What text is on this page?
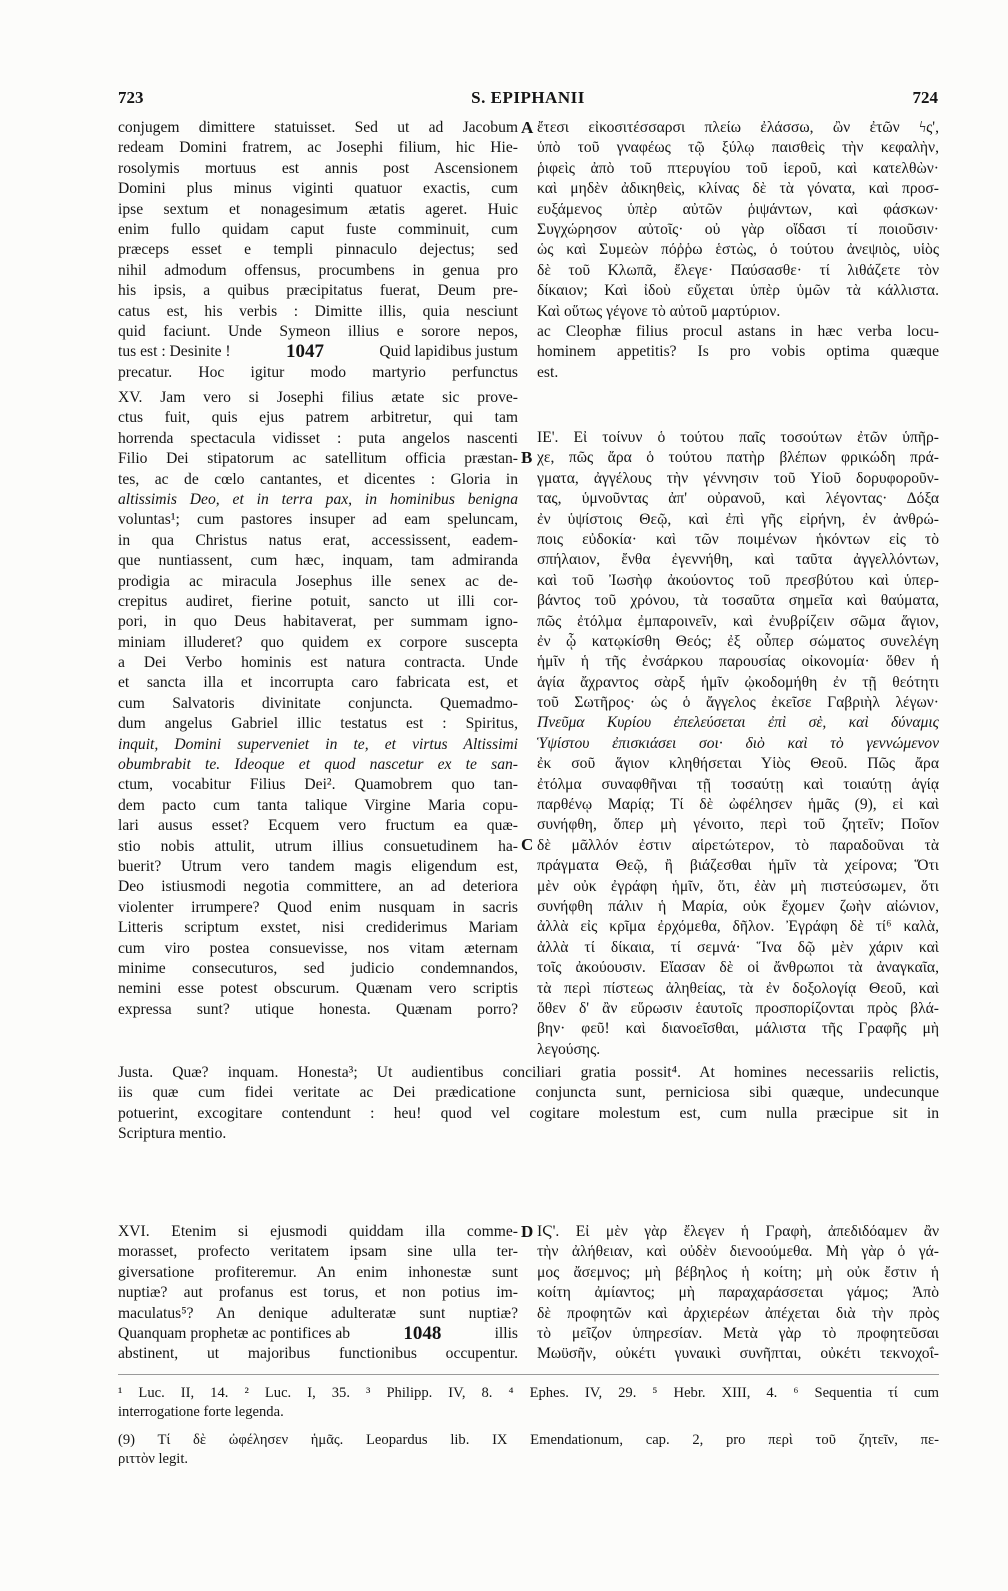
723	S. EPIPHANII	724
A
B
C
D
conjugem dimittere statuisset. Sed ut ad Jacobum
redeam Domini fratrem, ac Josephi filium, hic Hie-
rosolymis mortuus est annis post Ascensionem
Domini plus minus viginti quatuor exactis, cum
ipse sextum et nonagesimum ætatis ageret. Huic
enim fullo quidam caput fuste comminuit, cum
præceps esset e templi pinnaculo dejectus; sed
nihil admodum offensus, procumbens in genua pro
his ipsis, a quibus præcipitatus fuerat, Deum pre-
catus est, his verbis : Dimitte illis, quia nesciunt
ἔτεσι εἰκοσιτέσσαρσι πλείω ἐλάσσω, ὢν ἐτῶν ϟς',
ὑπὸ τοῦ γναφέως τῷ ξύλῳ παισθεὶς τὴν κεφαλὴν,
ῥιφεὶς ἀπὸ τοῦ πτερυγίου τοῦ ἱεροῦ, καὶ κατελθὼν·
καὶ μηδὲν ἀδικηθεὶς, κλίνας δὲ τὰ γόνατα, καὶ προσ-
ευξάμενος ὑπὲρ αὐτῶν ῥιψάντων, καὶ φάσκων·
Συγχώρησον αὐτοῖς· οὐ γὰρ οἴδασι τί ποιοῦσιν·
ὡς καὶ Συμεὼν πόῤῥω ἑστὼς, ὁ τούτου ἀνεψιὸς, υἱὸς
δὲ τοῦ Κλωπᾶ, ἔλεγε· Παύσασθε· τί λιθάζετε τὸν
δίκαιον; Καὶ ἰδοὺ εὔχεται ὑπὲρ ὑμῶν τὰ κάλλιστα.
Καὶ οὕτως γέγονε τὸ αὐτοῦ μαρτύριον.
quid faciunt. Unde Symeon illius e sorore nepos,
tus est : Desinite !	1047	Quid lapidibus justum
precatur. Hoc igitur modo martyrio perfunctus
ac Cleophæ filius procul astans in hæc verba locu-
hominem appetitis? Is pro vobis optima quæque
est.
XV. Jam vero si Josephi filius ætate sic prove-
ctus fuit, quis ejus patrem arbitretur, qui tam
horrenda spectacula vidisset : puta angelos nascenti
Filio Dei stipatorum ac satellitum officia præstan-
tes, ac de cœlo cantantes, et dicentes : Gloria in
altissimis Deo, et in terra pax, in hominibus benigna
voluntas¹; cum pastores insuper ad eam speluncam,
in qua Christus natus erat, accessissent, eadem-
que nuntiassent, cum hæc, inquam, tam admiranda
prodigia ac miracula Josephus ille senex ac de-
crepitus audiret, fierine potuit, sancto ut illi cor-
pori, in quo Deus habitaverat, per summam igno-
miniam illuderet? quo quidem ex corpore suscepta
a Dei Verbo hominis est natura contracta. Unde
et sancta illa et incorrupta caro fabricata est, et
cum Salvatoris divinitate conjuncta. Quemadmo-
dum angelus Gabriel illic testatus est : Spiritus,
inquit, Domini superveniet in te, et virtus Altissimi
obumbrabit te. Ideoque et quod nascetur ex te san-
ctum, vocabitur Filius Dei². Quamobrem quo tan-
dem pacto cum tanta talique Virgine Maria copu-
lari ausus esset? Ecquem vero fructum ea quæ-
stio nobis attulit, utrum illius consuetudinem ha-
buerit? Utrum vero tandem magis eligendum est,
Deo istiusmodi negotia committere, an ad deteriora
violenter irrumpere? Quod enim nusquam in sacris
Litteris scriptum exstet, nisi crediderimus Mariam
cum viro postea consuevisse, nos vitam æternam
minime consecuturos, sed judicio condemnandos,
nemini esse potest obscurum. Quænam vero scriptis
expressa sunt? utique honesta. Quænam porro?
ΙΕ'. Εἰ τοίνυν ὁ τούτου παῖς τοσούτων ἐτῶν ὑπῆρ-
χε, πῶς ἄρα ὁ τούτου πατὴρ βλέπων φρικώδη πρά-
γματα, ἀγγέλους τὴν γέννησιν τοῦ Υἱοῦ δορυφοροῦν-
τας, ὑμνοῦντας ἀπ' οὐρανοῦ, καὶ λέγοντας· Δόξα
ἐν ὑψίστοις Θεῷ, καὶ ἐπὶ γῆς εἰρήνη, ἐν ἀνθρώ-
ποις εὐδοκία· καὶ τῶν ποιμένων ἡκόντων εἰς τὸ
σπήλαιον, ἔνθα ἐγεννήθη, καὶ ταῦτα ἀγγελλόντων,
καὶ τοῦ Ἰωσὴφ ἀκούοντος τοῦ πρεσβύτου καὶ ὑπερ-
βάντος τοῦ χρόνου, τὰ τοσαῦτα σημεῖα καὶ θαύματα,
πῶς ἐτόλμα ἐμπαροινεῖν, καὶ ἐνυβρίζειν σῶμα ἅγιον,
ἐν ᾧ κατῳκίσθη Θεός; ἐξ οὗπερ σώματος συνελέγη
ἡμῖν ἡ τῆς ἐνσάρκου παρουσίας οἰκονομία· ὅθεν ἡ
ἁγία ἄχραντος σὰρξ ἡμῖν ᾠκοδομήθη ἐν τῇ θεότητι
τοῦ Σωτῆρος· ὡς ὁ ἄγγελος ἐκεῖσε Γαβριὴλ λέγων·
Πνεῦμα Κυρίου ἐπελεύσεται ἐπὶ σὲ, καὶ δύναμις
Ὑψίστου ἐπισκιάσει σοι· διὸ καὶ τὸ γεννώμενον
ἐκ σοῦ ἅγιον κληθήσεται Υἱὸς Θεοῦ. Πῶς ἄρα
ἐτόλμα συναφθῆναι τῇ τοσαύτῃ καὶ τοιαύτῃ ἁγίᾳ
παρθένῳ Μαρίᾳ; Τί δὲ ὠφέλησεν ἡμᾶς (9), εἰ καὶ
συνήφθη, ὅπερ μὴ γένοιτο, περὶ τοῦ ζητεῖν; Ποῖον
δὲ μᾶλλόν ἐστιν αἱρετώτερον, τὸ παραδοῦναι τὰ
πράγματα Θεῷ, ἢ βιάζεσθαι ἡμῖν τὰ χείρονα; Ὅτι
μὲν οὐκ ἐγράφη ἡμῖν, ὅτι, ἐὰν μὴ πιστεύσωμεν, ὅτι
συνήφθη πάλιν ἡ Μαρία, οὐκ ἔχομεν ζωὴν αἰώνιον,
ἀλλὰ εἰς κρῖμα ἐρχόμεθα, δῆλον. Ἐγράφη δὲ τί⁶ καλὰ,
ἀλλὰ τί δίκαια, τί σεμνά· Ἵνα δῷ μὲν χάριν καὶ
τοῖς ἀκούουσιν. Εἴασαν δὲ οἱ ἄνθρωποι τὰ ἀναγκαῖα,
τὰ περὶ πίστεως ἀληθείας, τὰ ἐν δοξολογίᾳ Θεοῦ, καὶ
ὅθεν δ' ἂν εὕρωσιν ἑαυτοῖς προσπορίζονται πρὸς βλά-
βην· φεῦ! καὶ διανοεῖσθαι, μάλιστα τῆς Γραφῆς μὴ
λεγούσης.
Justa. Quæ? inquam. Honesta³; Ut audientibus conciliari gratia possit⁴. At homines necessariis relictis,
iis quæ cum fidei veritate ac Dei prædicatione conjuncta sunt, perniciosa sibi quæque, undecunque
potuerint, excogitare contendunt : heu! quod vel cogitare molestum est, cum nulla præcipue sit in
Scriptura mentio.
XVI. Etenim si ejusmodi quiddam illa comme-
morasset, profecto veritatem ipsam sine ulla ter-
giversatione profiteremur. An enim inhonestæ sunt
nuptiæ? aut profanus est torus, et non potius im-
maculatus⁵? An denique adulteratæ sunt nuptiæ?
Quanquam prophetæ ac pontifices ab	1048	illis
abstinent, ut majoribus functionibus occupentur.
ΙϚ'. Εἰ μὲν γὰρ ἔλεγεν ἡ Γραφὴ, ἀπεδιδόαμεν ἂν
τὴν ἀλήθειαν, καὶ οὐδὲν διενοούμεθα. Μὴ γὰρ ὁ γά-
μος ἄσεμνος; μὴ βέβηλος ἡ κοίτη; μὴ οὐκ ἔστιν ἡ
κοίτη ἀμίαντος; μὴ παραχαράσσεται γάμος; Ἀπὸ
δὲ προφητῶν καὶ ἀρχιερέων ἀπέχεται διὰ τὴν πρὸς
τὸ μεῖζον ὑπηρεσίαν. Μετὰ γὰρ τὸ προφητεῦσαι
Μωϋσῆν, οὐκέτι γυναικὶ συνῆπται, οὐκέτι τεκνοχοΐ-
¹ Luc. II, 14. ² Luc. I, 35. ³ Philipp. IV, 8. ⁴ Ephes. IV, 29. ⁵ Hebr. XIII, 4. ⁶ Sequentia τί cum
interrogatione forte legenda.
(9) Τί δὲ ὠφέλησεν ἡμᾶς. Leopardus lib. IX Emendationum, cap. 2, pro περὶ τοῦ ζητεῖν, πε-
ριττὸν legit.
